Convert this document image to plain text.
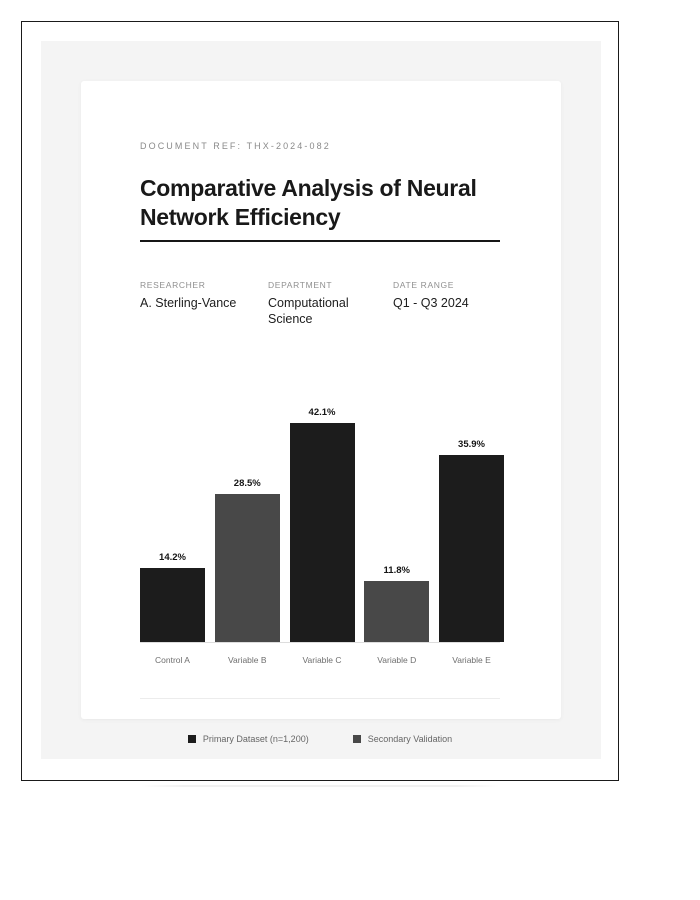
DOCUMENT REF: THX-2024-082
Comparative Analysis of Neural Network Efficiency
RESEARCHER
A. Sterling-Vance
DEPARTMENT
Computational Science
DATE RANGE
Q1 - Q3 2024
14.2%
Control A
28.5%
Variable B
42.1%
Variable C
11.8%
Variable D
35.9%
Variable E
Primary Dataset (n=1,200)	Secondary Validation
